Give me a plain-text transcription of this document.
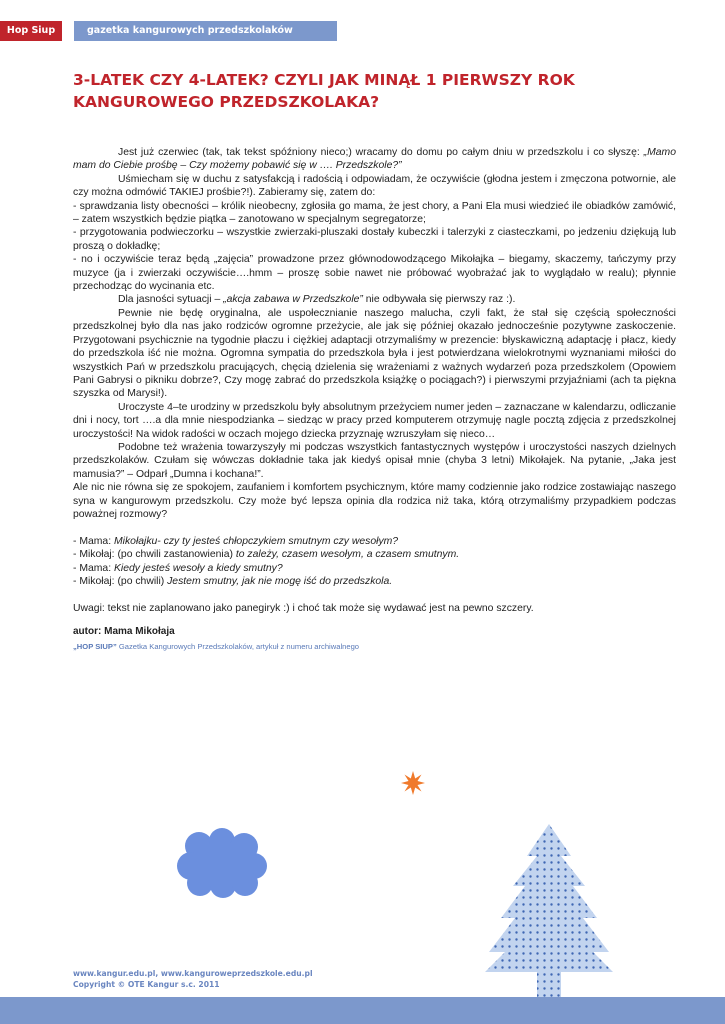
Hop Siup	gazetka kangurowych przedszkolaków
3-LATEK CZY 4-LATEK? CZYLI JAK MINĄŁ 1 PIERWSZY ROK KANGUROWEGO PRZEDSZKOLAKA?

Jest już czerwiec (tak, tak tekst spóźniony nieco;) wracamy do domu po całym dniu w przedszkolu i co słyszę: „Mamo mam do Ciebie prośbę – Czy możemy pobawić się w …. Przedszkole?”

Uśmiecham się w duchu z satysfakcją i radością i odpowiadam, że oczywiście (głodna jestem i zmęczona potwornie, ale czy można odmówić TAKIEJ prośbie?!). Zabieramy się, zatem do:

- sprawdzania listy obecności – królik nieobecny, zgłosiła go mama, że jest chory, a Pani Ela musi wiedzieć ile obiadków zamówić, – zatem wszystkich będzie piątka – zanotowano w specjalnym segregatorze;

- przygotowania podwieczorku – wszystkie zwierzaki-pluszaki dostały kubeczki i talerzyki z ciasteczkami, po jedzeniu dziękują lub proszą o dokładkę;

- no i oczywiście teraz będą „zajęcia” prowadzone przez głównodowodzącego Mikołajka – biegamy, skaczemy, tańczymy przy muzyce (ja i zwierzaki oczywiście….hmm – proszę sobie nawet nie próbować wyobrażać jak to wyglądało w realu); płynnie przechodząc do wycinania etc.

Dla jasności sytuacji – „akcja zabawa w Przedszkole” nie odbywała się pierwszy raz :).

Pewnie nie będę oryginalna, ale uspołecznianie naszego malucha, czyli fakt, że stał się częścią społeczności przedszkolnej było dla nas jako rodziców ogromne przeżycie, ale jak się później okazało jednocześnie pozytywne zaskoczenie. Przygotowani psychicznie na tygodnie płaczu i ciężkiej adaptacji otrzymaliśmy w prezencie: błyskawiczną adaptację i płacz, kiedy do przedszkola iść nie można. Ogromna sympatia do przedszkola była i jest potwierdzana wielokrotnymi wyznaniami miłości do wszystkich Pań w przedszkolu pracujących, chęcią dzielenia się wrażeniami z ważnych wydarzeń poza przedszkolem (Opowiem Pani Gabrysi o pikniku dobrze?, Czy mogę zabrać do przedszkola książkę o pociągach?) i pierwszymi przyjaźniami (ach ta piękna szyszka od Marysi!).

Uroczyste 4–te urodziny w przedszkolu były absolutnym przeżyciem numer jeden – zaznaczane w kalendarzu, odliczanie dni i nocy, tort ….a dla mnie niespodzianka – siedząc w pracy przed komputerem otrzymuję nagle pocztą zdjęcia z przedszkolnej uroczystości! Na widok radości w oczach mojego dziecka przyznaję wzruszyłam się nieco…

Podobne też wrażenia towarzyszyły mi podczas wszystkich fantastycznych występów i uroczystości naszych dzielnych przedszkolaków. Czułam się wówczas dokładnie taka jak kiedyś opisał mnie (chyba 3 letni) Mikołajek. Na pytanie, „Jaka jest mamusia?” – Odparł „Dumna i kochana!”.

Ale nic nie równa się ze spokojem, zaufaniem i komfortem psychicznym, które mamy codziennie jako rodzice zostawiając naszego syna w kangurowym przedszkolu. Czy może być lepsza opinia dla rodzica niż taka, którą otrzymaliśmy przypadkiem podczas poważnej rozmowy?

- Mama: Mikołajku- czy ty jesteś chłopczykiem smutnym czy wesołym?

- Mikołaj: (po chwili zastanowienia) to zależy, czasem wesołym, a czasem smutnym.

- Mama: Kiedy jesteś wesoły a kiedy smutny?

- Mikołaj: (po chwili) Jestem smutny, jak nie mogę iść do przedszkola.

Uwagi: tekst nie zaplanowano jako panegiryk :) i choć tak może się wydawać jest na pewno szczery.

autor: Mama Mikołaja
„HOP SIUP” Gazetka Kangurowych Przedszkolaków, artykuł z numeru archiwalnego
www.kangur.edu.pl, www.kanguroweprzedszkole.edu.pl
Copyright © OTE Kangur s.c. 2011
